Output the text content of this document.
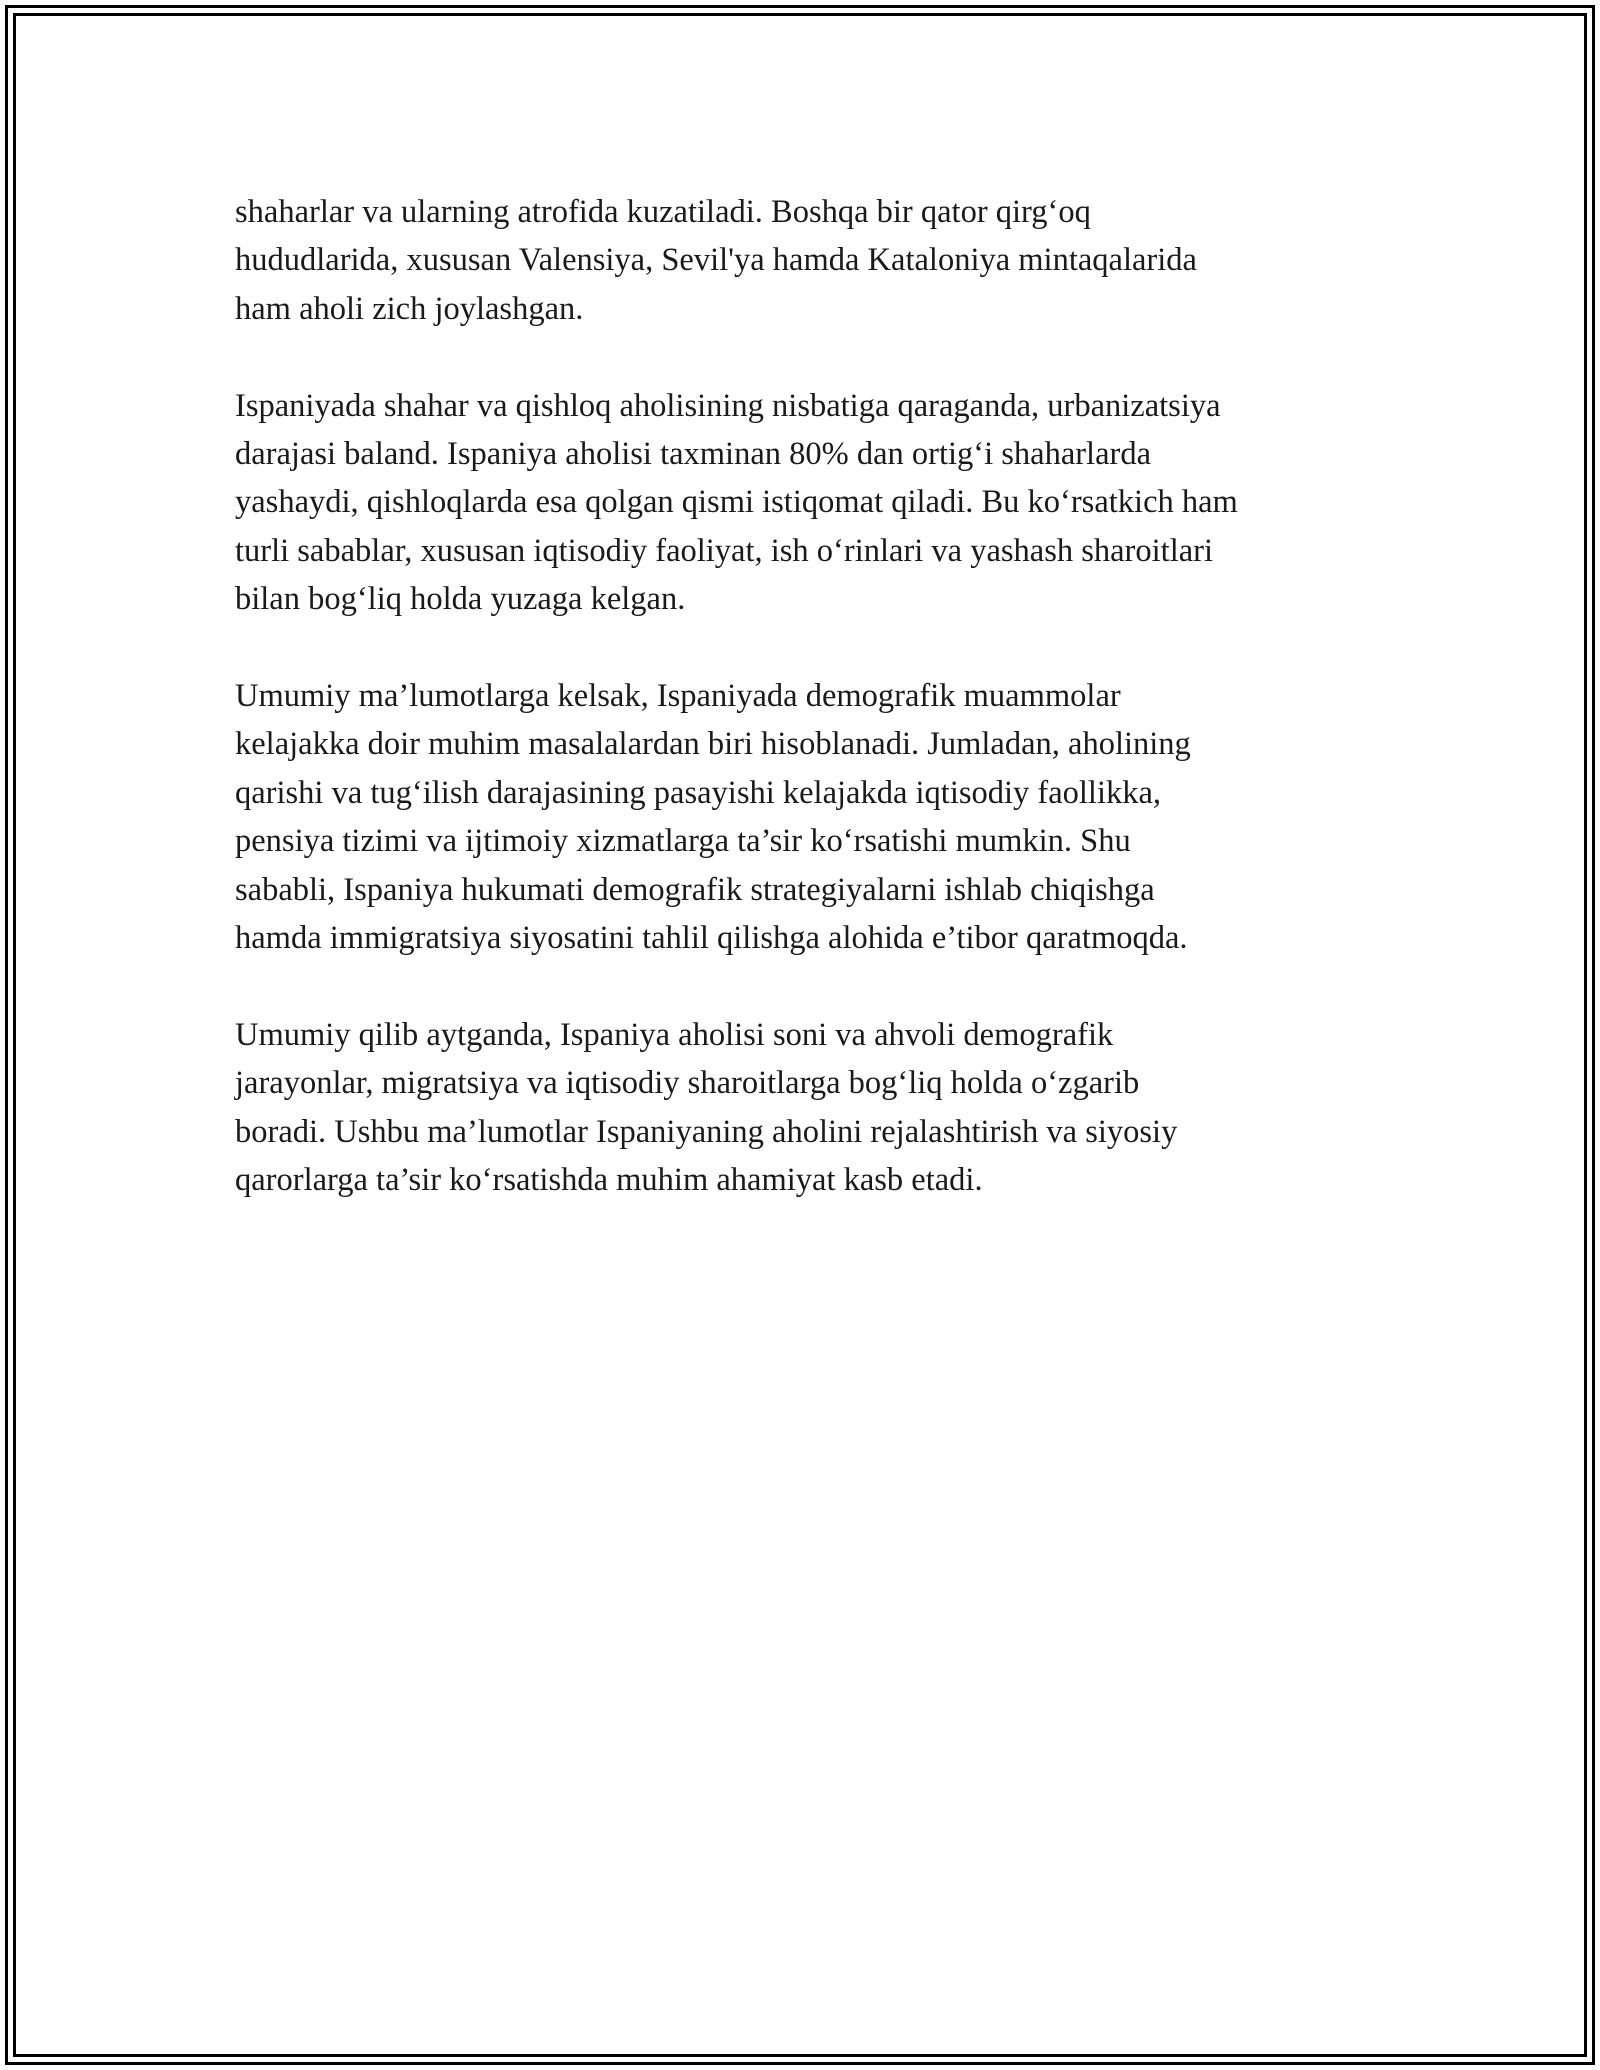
shaharlar va ularning atrofida kuzatiladi. Boshqa bir qator qirg‘oq
hududlarida, xususan Valensiya, Sevil'ya hamda Kataloniya mintaqalarida
ham aholi zich joylashgan.

Ispaniyada shahar va qishloq aholisining nisbatiga qaraganda, urbanizatsiya
darajasi baland. Ispaniya aholisi taxminan 80% dan ortig‘i shaharlarda
yashaydi, qishloqlarda esa qolgan qismi istiqomat qiladi. Bu ko‘rsatkich ham
turli sabablar, xususan iqtisodiy faoliyat, ish o‘rinlari va yashash sharoitlari
bilan bog‘liq holda yuzaga kelgan.

Umumiy ma’lumotlarga kelsak, Ispaniyada demografik muammolar
kelajakka doir muhim masalalardan biri hisoblanadi. Jumladan, aholining
qarishi va tug‘ilish darajasining pasayishi kelajakda iqtisodiy faollikka,
pensiya tizimi va ijtimoiy xizmatlarga ta’sir ko‘rsatishi mumkin. Shu
sababli, Ispaniya hukumati demografik strategiyalarni ishlab chiqishga
hamda immigratsiya siyosatini tahlil qilishga alohida e’tibor qaratmoqda.

Umumiy qilib aytganda, Ispaniya aholisi soni va ahvoli demografik
jarayonlar, migratsiya va iqtisodiy sharoitlarga bog‘liq holda o‘zgarib
boradi. Ushbu ma’lumotlar Ispaniyaning aholini rejalashtirish va siyosiy
qarorlarga ta’sir ko‘rsatishda muhim ahamiyat kasb etadi.
